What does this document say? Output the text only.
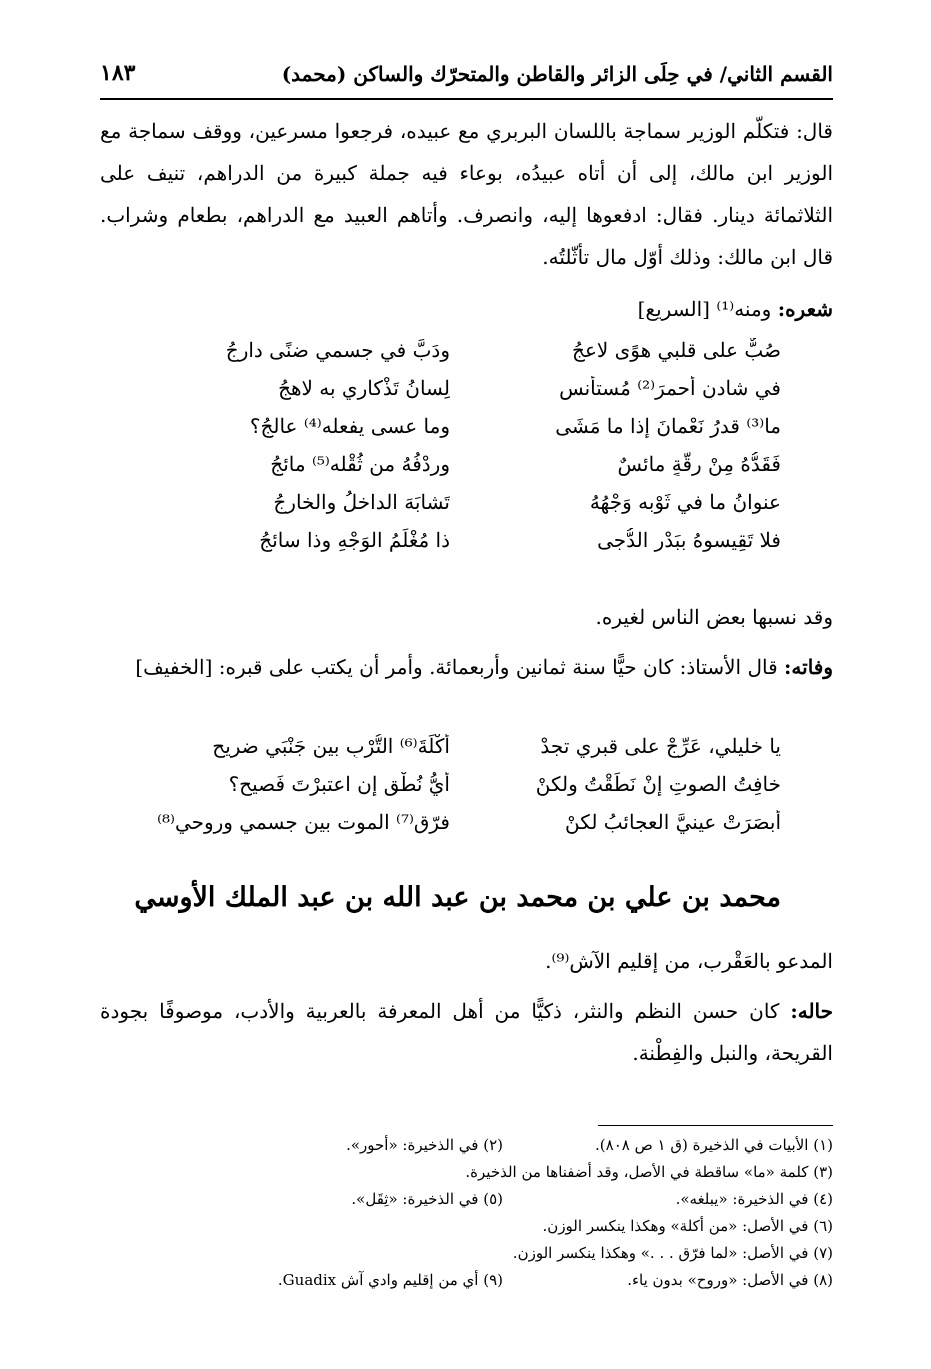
القسم الثاني/ في حِلَى الزائر والقاطن والمتحرّك والساكن (محمد)
١٨٣

قال: فتكلّم الوزير سماجة باللسان البربري مع عبيده، فرجعوا مسرعين، ووقف سماجة مع الوزير ابن مالك، إلى أن أتاه عبيدُه، بوعاء فيه جملة كبيرة من الدراهم، تنيف على الثلاثمائة دينار. فقال: ادفعوها إليه، وانصرف. وأتاهم العبيد مع الدراهم، بطعام وشراب. قال ابن مالك: وذلك أوّل مال تأثّلتُه.

شعره: ومنه⁽¹⁾ [السريع]
صُبٌّ على قلبي هوًى لاعجُ
ودَبَّ في جسمي ضنًى دارجُ
في شادنٍ أحمرَ⁽²⁾ مُستأنسٍ
لِسانُ تَذْكاري به لاهجُ
ما⁽³⁾ قدرُ نَعْمانَ إذا ما مَشَى
وما عسى يفعله⁽⁴⁾ عالجُ؟
فَقَدُّهُ مِنْ رِقَّةٍ مائسٌ
ورِدْفُهُ من ثُقْله⁽⁵⁾ مائجُ
عنوانُ ما في ثَوْبه وَجْهُهُ
تَشابَهَ الداخلُ والخارجُ
فلا تَقِيسوهُ ببَدْرِ الدُّجى
ذا مُغْلَمُ الوَجْهِ وذا سائجُ
وقد نسبها بعض الناس لغيره.
وفاته: قال الأستاذ: كان حيًّا سنة ثمانين وأربعمائة. وأمر أن يكتب على قبره: [الخفيف]
يا خليلي، عَرِّجْ على قبري تجدْ
أكْلَةَ⁽⁶⁾ التُّرْبِ بين جَنْبَي ضريحِ
خافِتُ الصوتِ إنْ نَطَقْتُ ولكنْ
أيُّ نُطْقٍ إن اعتبرْتَ فَصيحِ؟
أبصَرَتْ عينيَّ العجائبُ لكنْ
فرّق⁽⁷⁾ الموت بين جسمي وروحي⁽⁸⁾
محمد بن علي بن محمد بن عبد الله بن عبد الملك الأوسي
المدعو بالعَقْرب، من إقليم الآش⁽⁹⁾.
حاله: كان حسن النظم والنثر، ذكيًّا من أهل المعرفة بالعربية والأدب، موصوفًا بجودة القريحة، والنبل والفِطْنة.
(١) الأبيات في الذخيرة (ق ١ ص ٨٠٨).
(٢) في الذخيرة: «أحور».
(٣) كلمة «ما» ساقطة في الأصل، وقد أضفناها من الذخيرة.
(٤) في الذخيرة: «يبلغه».
(٥) في الذخيرة: «ثِقَل».
(٦) في الأصل: «من أكلة» وهكذا ينكسر الوزن.
(٧) في الأصل: «لما فرّق . . .» وهكذا ينكسر الوزن.
(٨) في الأصل: «وروح» بدون ياء.
(٩) أي من إقليم وادي آش Guadix.
